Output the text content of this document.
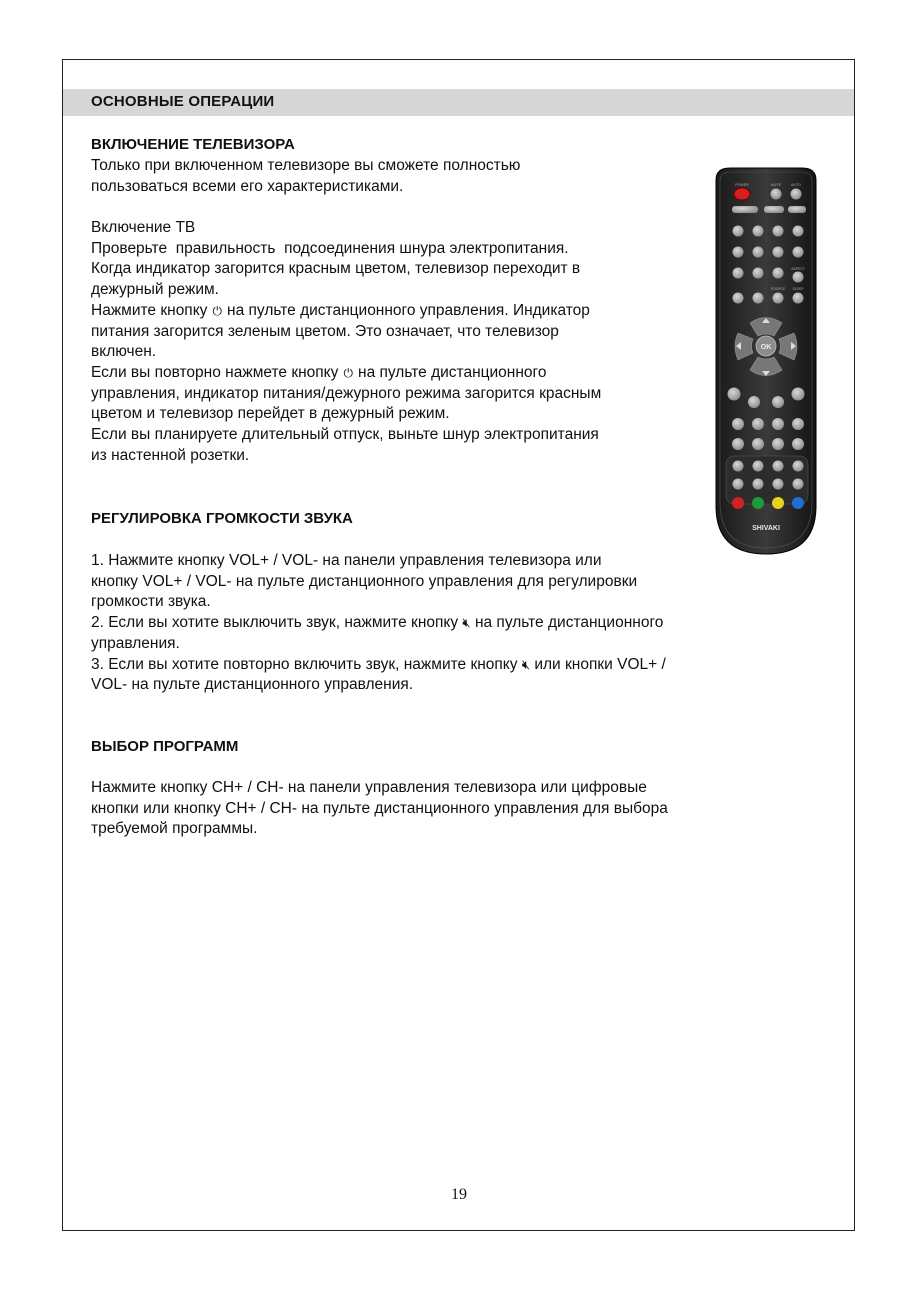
ОСНОВНЫЕ ОПЕРАЦИИ
ВКЛЮЧЕНИЕ ТЕЛЕВИЗОРА
Только при включенном телевизоре вы сможете полностью
пользоваться всеми его характеристиками.
Включение ТВ
Проверьте  правильность  подсоединения шнура электропитания.
Когда индикатор загорится красным цветом, телевизор переходит в
дежурный режим.
Нажмите кнопку ⏻ на пульте дистанционного управления. Индикатор
питания загорится зеленым цветом. Это означает, что телевизор
включен.
Если вы повторно нажмете кнопку ⏻ на пульте дистанционного
управления, индикатор питания/дежурного режима загорится красным
цветом и телевизор перейдет в дежурный режим.
Если вы планируете длительный отпуск, выньте шнур электропитания
из настенной розетки.
РЕГУЛИРОВКА ГРОМКОСТИ ЗВУКА
1. Нажмите кнопку VOL+ / VOL- на панели управления телевизора или
кнопку VOL+ / VOL- на пульте дистанционного управления для регулировки
громкости звука.
2. Если вы хотите выключить звук, нажмите кнопку 🔇︎ на пульте дистанционного
управления.
3. Если вы хотите повторно включить звук, нажмите кнопку 🔇︎ или кнопки VOL+ /
VOL- на пульте дистанционного управления.
ВЫБОР ПРОГРАММ
Нажмите кнопку CH+ / CH- на панели управления телевизора или цифровые
кнопки или кнопку CH+ / CH- на пульте дистанционного управления для выбора
требуемой программы.
19
POWER	MUTE	AUTO
ASPECT
SOURCE SLEEP
OK
SHIVAKI
